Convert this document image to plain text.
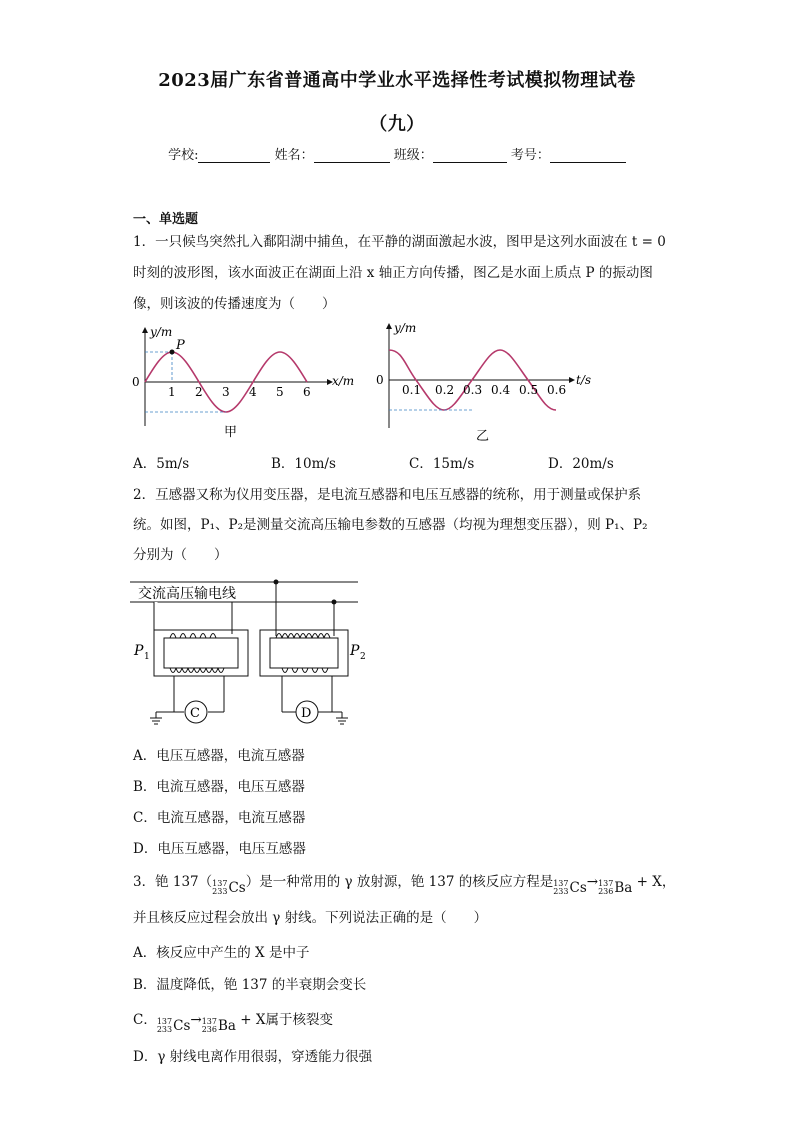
2023届广东省普通高中学业水平选择性考试模拟物理试卷
（九）
学校:	姓名：	班级：	考号：
一、单选题
1．一只候鸟突然扎入鄱阳湖中捕鱼，在平静的湖面激起水波，图甲是这列水面波在 t = 0
时刻的波形图，该水面波正在湖面上沿 x 轴正方向传播，图乙是水面上质点 P 的振动图
像，则该波的传播速度为（　　）
P
y/m
x/m
0
1 2 3 4 5 6
甲
y/m
t/s
0
0.1 0.2 0.3 0.4 0.5 0.6
乙
A．5m/s	B．10m/s	C．15m/s	D．20m/s
2．互感器又称为仪用变压器，是电流互感器和电压互感器的统称，用于测量或保护系
统。如图，P₁、P₂是测量交流高压输电参数的互感器（均视为理想变压器），则 P₁、P₂
分别为（　　）
交流高压输电线
P 1
C
P 2
D
A．电压互感器，电流互感器
B．电流互感器，电压互感器
C．电流互感器，电流互感器
D．电压互感器，电压互感器
3．铯 137（ 137
233 Cs ）是一种常用的 γ 放射源，铯 137 的核反应方程是 137
233 Cs → 137
236 Ba + X，
并且核反应过程会放出 γ 射线。下列说法正确的是（　　）
A．核反应中产生的 X 是中子
B．温度降低，铯 137 的半衰期会变长
C． 137
233 Cs → 137
236 Ba + X属于核裂变
D．γ 射线电离作用很弱，穿透能力很强
